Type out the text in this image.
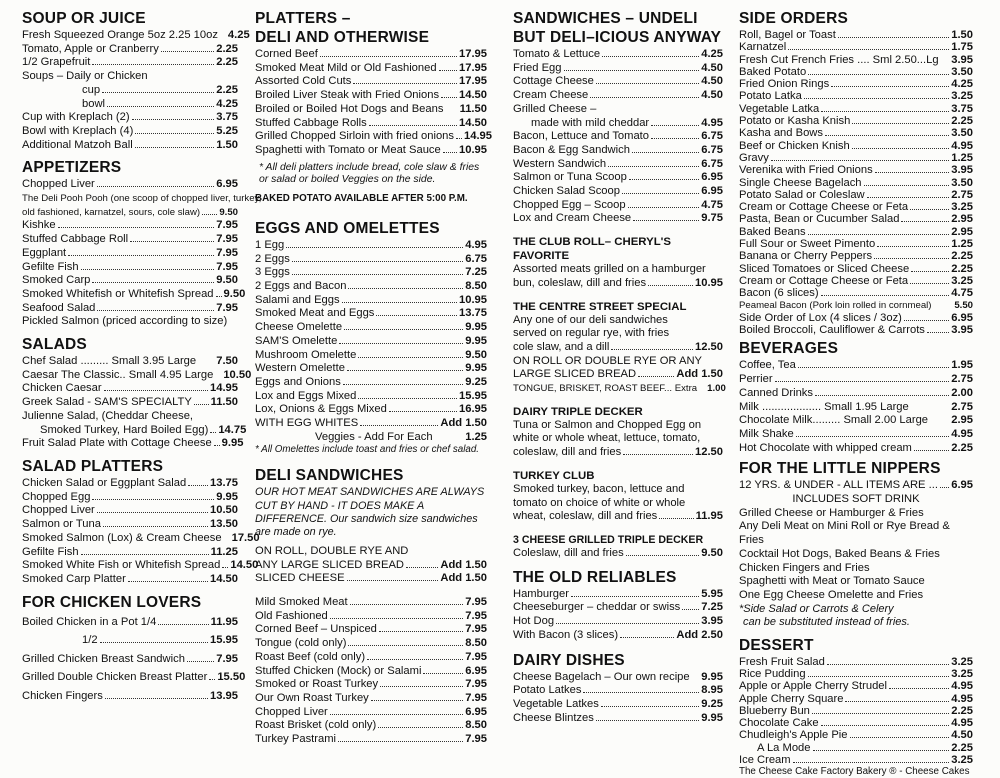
SOUP OR JUICE
Fresh Squeezed Orange 5oz 2.25 10oz 4.25
Tomato, Apple or Cranberry	2.25
1/2 Grapefruit	2.25
Soups – Daily or Chicken
cup	2.25
bowl	4.25
Cup with Kreplach (2)	3.75
Bowl with Kreplach (4)	5.25
Additional Matzoh Ball	1.50
APPETIZERS
Chopped Liver	6.95
The Deli Pooh Pooh (one scoop of chopped liver, turkey,
old fashioned, karnatzel, sours, cole slaw) 9.50
Kishke	7.95
Stuffed Cabbage Roll	7.95
Eggplant	7.95
Gefilte Fish	7.95
Smoked Carp	9.50
Smoked Whitefish or Whitefish Spread 9.50
Seafood Salad	7.95
Pickled Salmon (priced according to size)
SALADS
Chef Salad ......... Small 3.95 Large 7.50
Caesar The Classic.. Small 4.95 Large 10.50
Chicken Caesar	14.95
Greek Salad - SAM'S SPECIALTY 11.50
Julienne Salad, (Cheddar Cheese,
Smoked Turkey, Hard Boiled Egg) 14.75
Fruit Salad Plate with Cottage Cheese 9.95
SALAD PLATTERS
Chicken Salad or Eggplant Salad 13.75
Chopped Egg	9.95
Chopped Liver	10.50
Salmon or Tuna	13.50
Smoked Salmon (Lox) & Cream Cheese 17.50
Gefilte Fish	11.25
Smoked White Fish or Whitefish Spread 14.50
Smoked Carp Platter	14.50
FOR CHICKEN LOVERS
Boiled Chicken in a Pot 1/4	11.95
1/2	15.95
Grilled Chicken Breast Sandwich	7.95
Grilled Double Chicken Breast Platter 15.50
Chicken Fingers	13.95
PLATTERS –
DELI AND OTHERWISE
Corned Beef	17.95
Smoked Meat Mild or Old Fashioned 17.95
Assorted Cold Cuts	17.95
Broiled Liver Steak with Fried Onions 14.50
Broiled or Boiled Hot Dogs and Beans 11.50
Stuffed Cabbage Rolls	14.50
Grilled Chopped Sirloin with fried onions 14.95
Spaghetti with Tomato or Meat Sauce 10.95
* All deli platters include bread, cole slaw & fries or salad or boiled Veggies on the side.
BAKED POTATO AVAILABLE AFTER 5:00 P.M.
EGGS AND OMELETTES
1 Egg	4.95
2 Eggs	6.75
3 Eggs	7.25
2 Eggs and Bacon	8.50
Salami and Eggs	10.95
Smoked Meat and Eggs	13.75
Cheese Omelette	9.95
SAM'S Omelette	9.95
Mushroom Omelette	9.50
Western Omelette	9.95
Eggs and Onions	9.25
Lox and Eggs Mixed	15.95
Lox, Onions & Eggs Mixed	16.95
WITH EGG WHITES	Add 1.50
Veggies - Add For Each	1.25
* All Omelettes include toast and fries or chef salad.
DELI SANDWICHES
OUR HOT MEAT SANDWICHES ARE ALWAYS CUT BY HAND - IT DOES MAKE A DIFFERENCE. Our sandwich size sandwiches are made on rye.
ON ROLL, DOUBLE RYE AND
ANY LARGE SLICED BREAD	Add 1.50
SLICED CHEESE	Add 1.50
Mild Smoked Meat	7.95
Old Fashioned	7.95
Corned Beef – Unspiced	7.95
Tongue (cold only)	8.50
Roast Beef (cold only)	7.95
Stuffed Chicken (Mock) or Salami	6.95
Smoked or Roast Turkey	7.95
Our Own Roast Turkey	7.95
Chopped Liver	6.95
Roast Brisket (cold only)	8.50
Turkey Pastrami	7.95
SANDWICHES – UNDELI
BUT DELI–ICIOUS ANYWAY
Tomato & Lettuce	4.25
Fried Egg	4.50
Cottage Cheese	4.50
Cream Cheese	4.50
Grilled Cheese –
made with mild cheddar	4.95
Bacon, Lettuce and Tomato	6.75
Bacon & Egg Sandwich	6.75
Western Sandwich	6.75
Salmon or Tuna Scoop	6.95
Chicken Salad Scoop	6.95
Chopped Egg – Scoop	4.75
Lox and Cream Cheese	9.75
THE CLUB ROLL– CHERYL'S FAVORITE
Assorted meats grilled on a hamburger
bun, coleslaw, dill and fries	10.95
THE CENTRE STREET SPECIAL
Any one of our deli sandwiches
served on regular rye, with fries
cole slaw, and a dill	12.50
ON ROLL OR DOUBLE RYE OR ANY
LARGE SLICED BREAD	Add 1.50
TONGUE, BRISKET, ROAST BEEF... Extra 1.00
DAIRY TRIPLE DECKER
Tuna or Salmon and Chopped Egg on
white or whole wheat, lettuce, tomato,
coleslaw, dill and fries	12.50
TURKEY CLUB
Smoked turkey, bacon, lettuce and
tomato on choice of white or whole
wheat, coleslaw, dill and fries	11.95
3 CHEESE GRILLED TRIPLE DECKER
Coleslaw, dill and fries	9.50
THE OLD RELIABLES
Hamburger	5.95
Cheeseburger – cheddar or swiss 7.25
Hot Dog	3.95
With Bacon (3 slices)	Add 2.50
DAIRY DISHES
Cheese Bagelach – Our own recipe 9.95
Potato Latkes	8.95
Vegetable Latkes	9.25
Cheese Blintzes	9.95
SIDE ORDERS
Roll, Bagel or Toast	1.50
Karnatzel	1.75
Fresh Cut French Fries .... Sml 2.50...Lg 3.95
Baked Potato	3.50
Fried Onion Rings	4.25
Potato Latka	3.25
Vegetable Latka	3.75
Potato or Kasha Knish	2.25
Kasha and Bows	3.50
Beef or Chicken Knish	4.95
Gravy	1.25
Verenika with Fried Onions	3.95
Single Cheese Bagelach	3.50
Potato Salad or Coleslaw	2.75
Cream or Cottage Cheese or Feta	3.25
Pasta, Bean or Cucumber Salad	2.95
Baked Beans	2.95
Full Sour or Sweet Pimento	1.25
Banana or Cherry Peppers	2.25
Sliced Tomatoes or Sliced Cheese	2.25
Cream or Cottage Cheese or Feta	3.25
Bacon (6 slices)	4.75
Peameal Bacon (Pork loin rolled in cornmeal) 5.50
Side Order of Lox (4 slices / 3oz)	6.95
Boiled Broccoli, Cauliflower & Carrots 3.95
BEVERAGES
Coffee, Tea	1.95
Perrier	2.75
Canned Drinks	2.00
Milk ................... Small 1.95 Large	2.75
Chocolate Milk......... Small 2.00 Large 2.95
Milk Shake	4.95
Hot Chocolate with whipped cream	2.25
FOR THE LITTLE NIPPERS
12 YRS. & UNDER - ALL ITEMS ARE ... 6.95
INCLUDES SOFT DRINK
Grilled Cheese or Hamburger & Fries
Any Deli Meat on Mini Roll or Rye Bread & Fries
Cocktail Hot Dogs, Baked Beans & Fries
Chicken Fingers and Fries
Spaghetti with Meat or Tomato Sauce
One Egg Cheese Omelette and Fries
*Side Salad or Carrots & Celery
can be substituted instead of fries.
DESSERT
Fresh Fruit Salad	3.25
Rice Pudding	3.25
Apple or Apple Cherry Strudel	4.95
Apple Cherry Square	4.95
Blueberry Bun	2.25
Chocolate Cake	4.95
Chudleigh's Apple Pie	4.50
A La Mode	2.25
Ice Cream	3.25
The Cheese Cake Factory Bakery ® - Cheese Cakes
